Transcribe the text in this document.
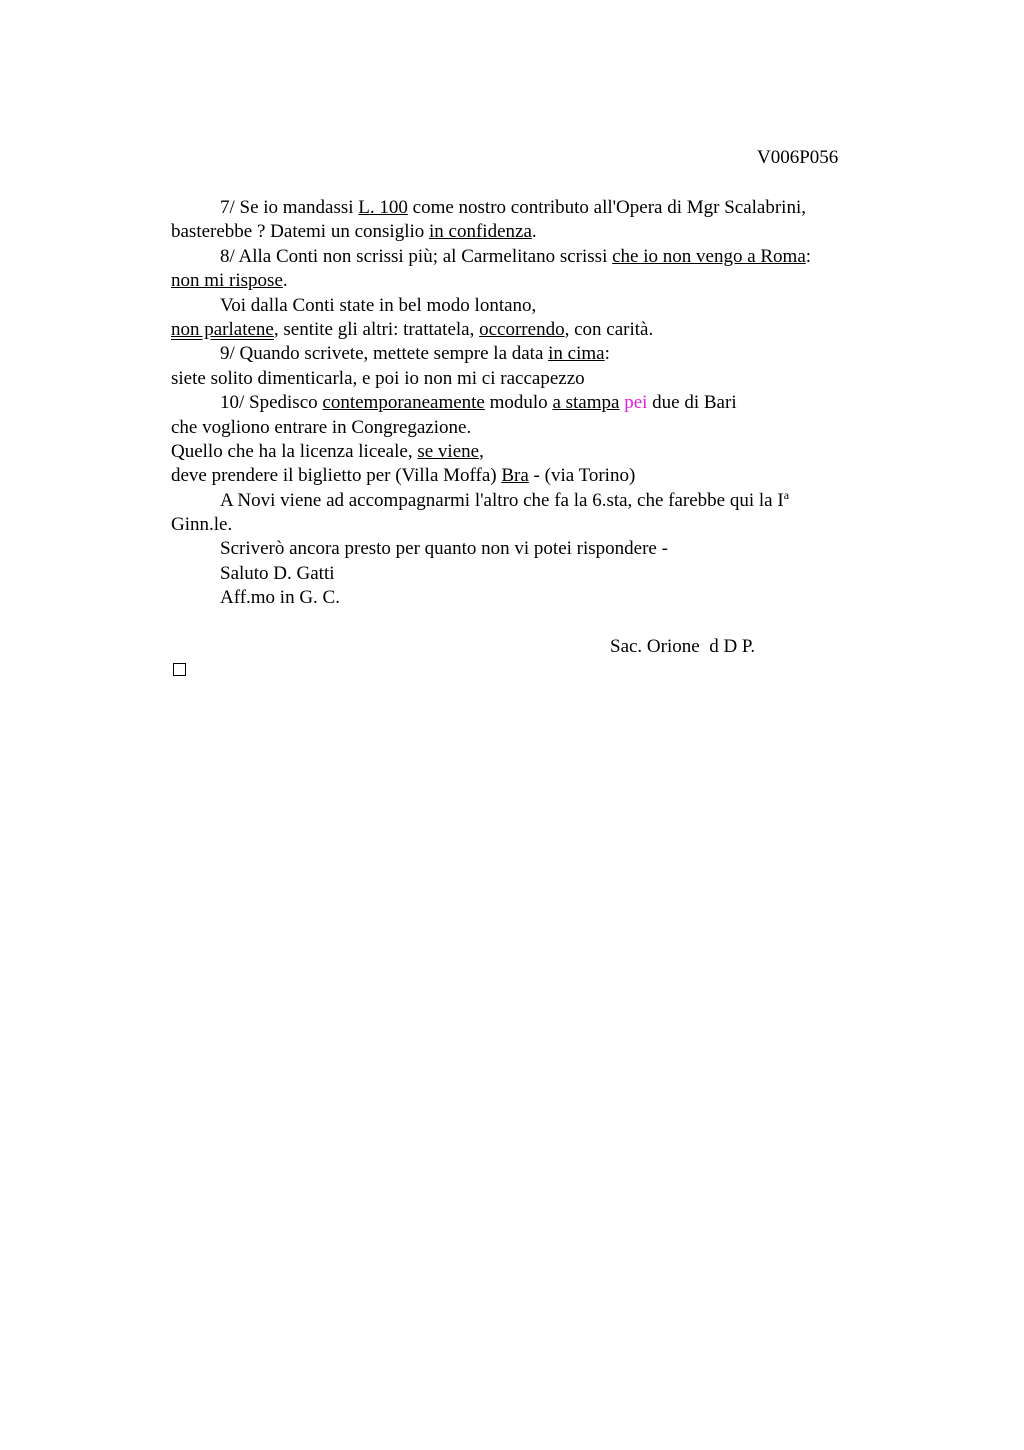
V006P056
7/ Se io mandassi L. 100 come nostro contributo all'Opera di Mgr Scalabrini,
basterebbe ? Datemi un consiglio in confidenza.
8/ Alla Conti non scrissi più; al Carmelitano scrissi che io non vengo a Roma:
non mi rispose.
Voi dalla Conti state in bel modo lontano,
non parlatene, sentite gli altri: trattatela, occorrendo, con carità.
9/ Quando scrivete, mettete sempre la data in cima:
siete solito dimenticarla, e poi io non mi ci raccapezzo
10/ Spedisco contemporaneamente modulo a stampa pei due di Bari
che vogliono entrare in Congregazione.
Quello che ha la licenza liceale, se viene,
deve prendere il biglietto per (Villa Moffa) Bra - (via Torino)
A Novi viene ad accompagnarmi l'altro che fa la 6.sta, che farebbe qui la $I^a$
Ginn.le.
Scriverò ancora presto per quanto non vi potei rispondere -
Saluto D. Gatti
Aff.mo in G. C.
Sac. Orione  d D P.
